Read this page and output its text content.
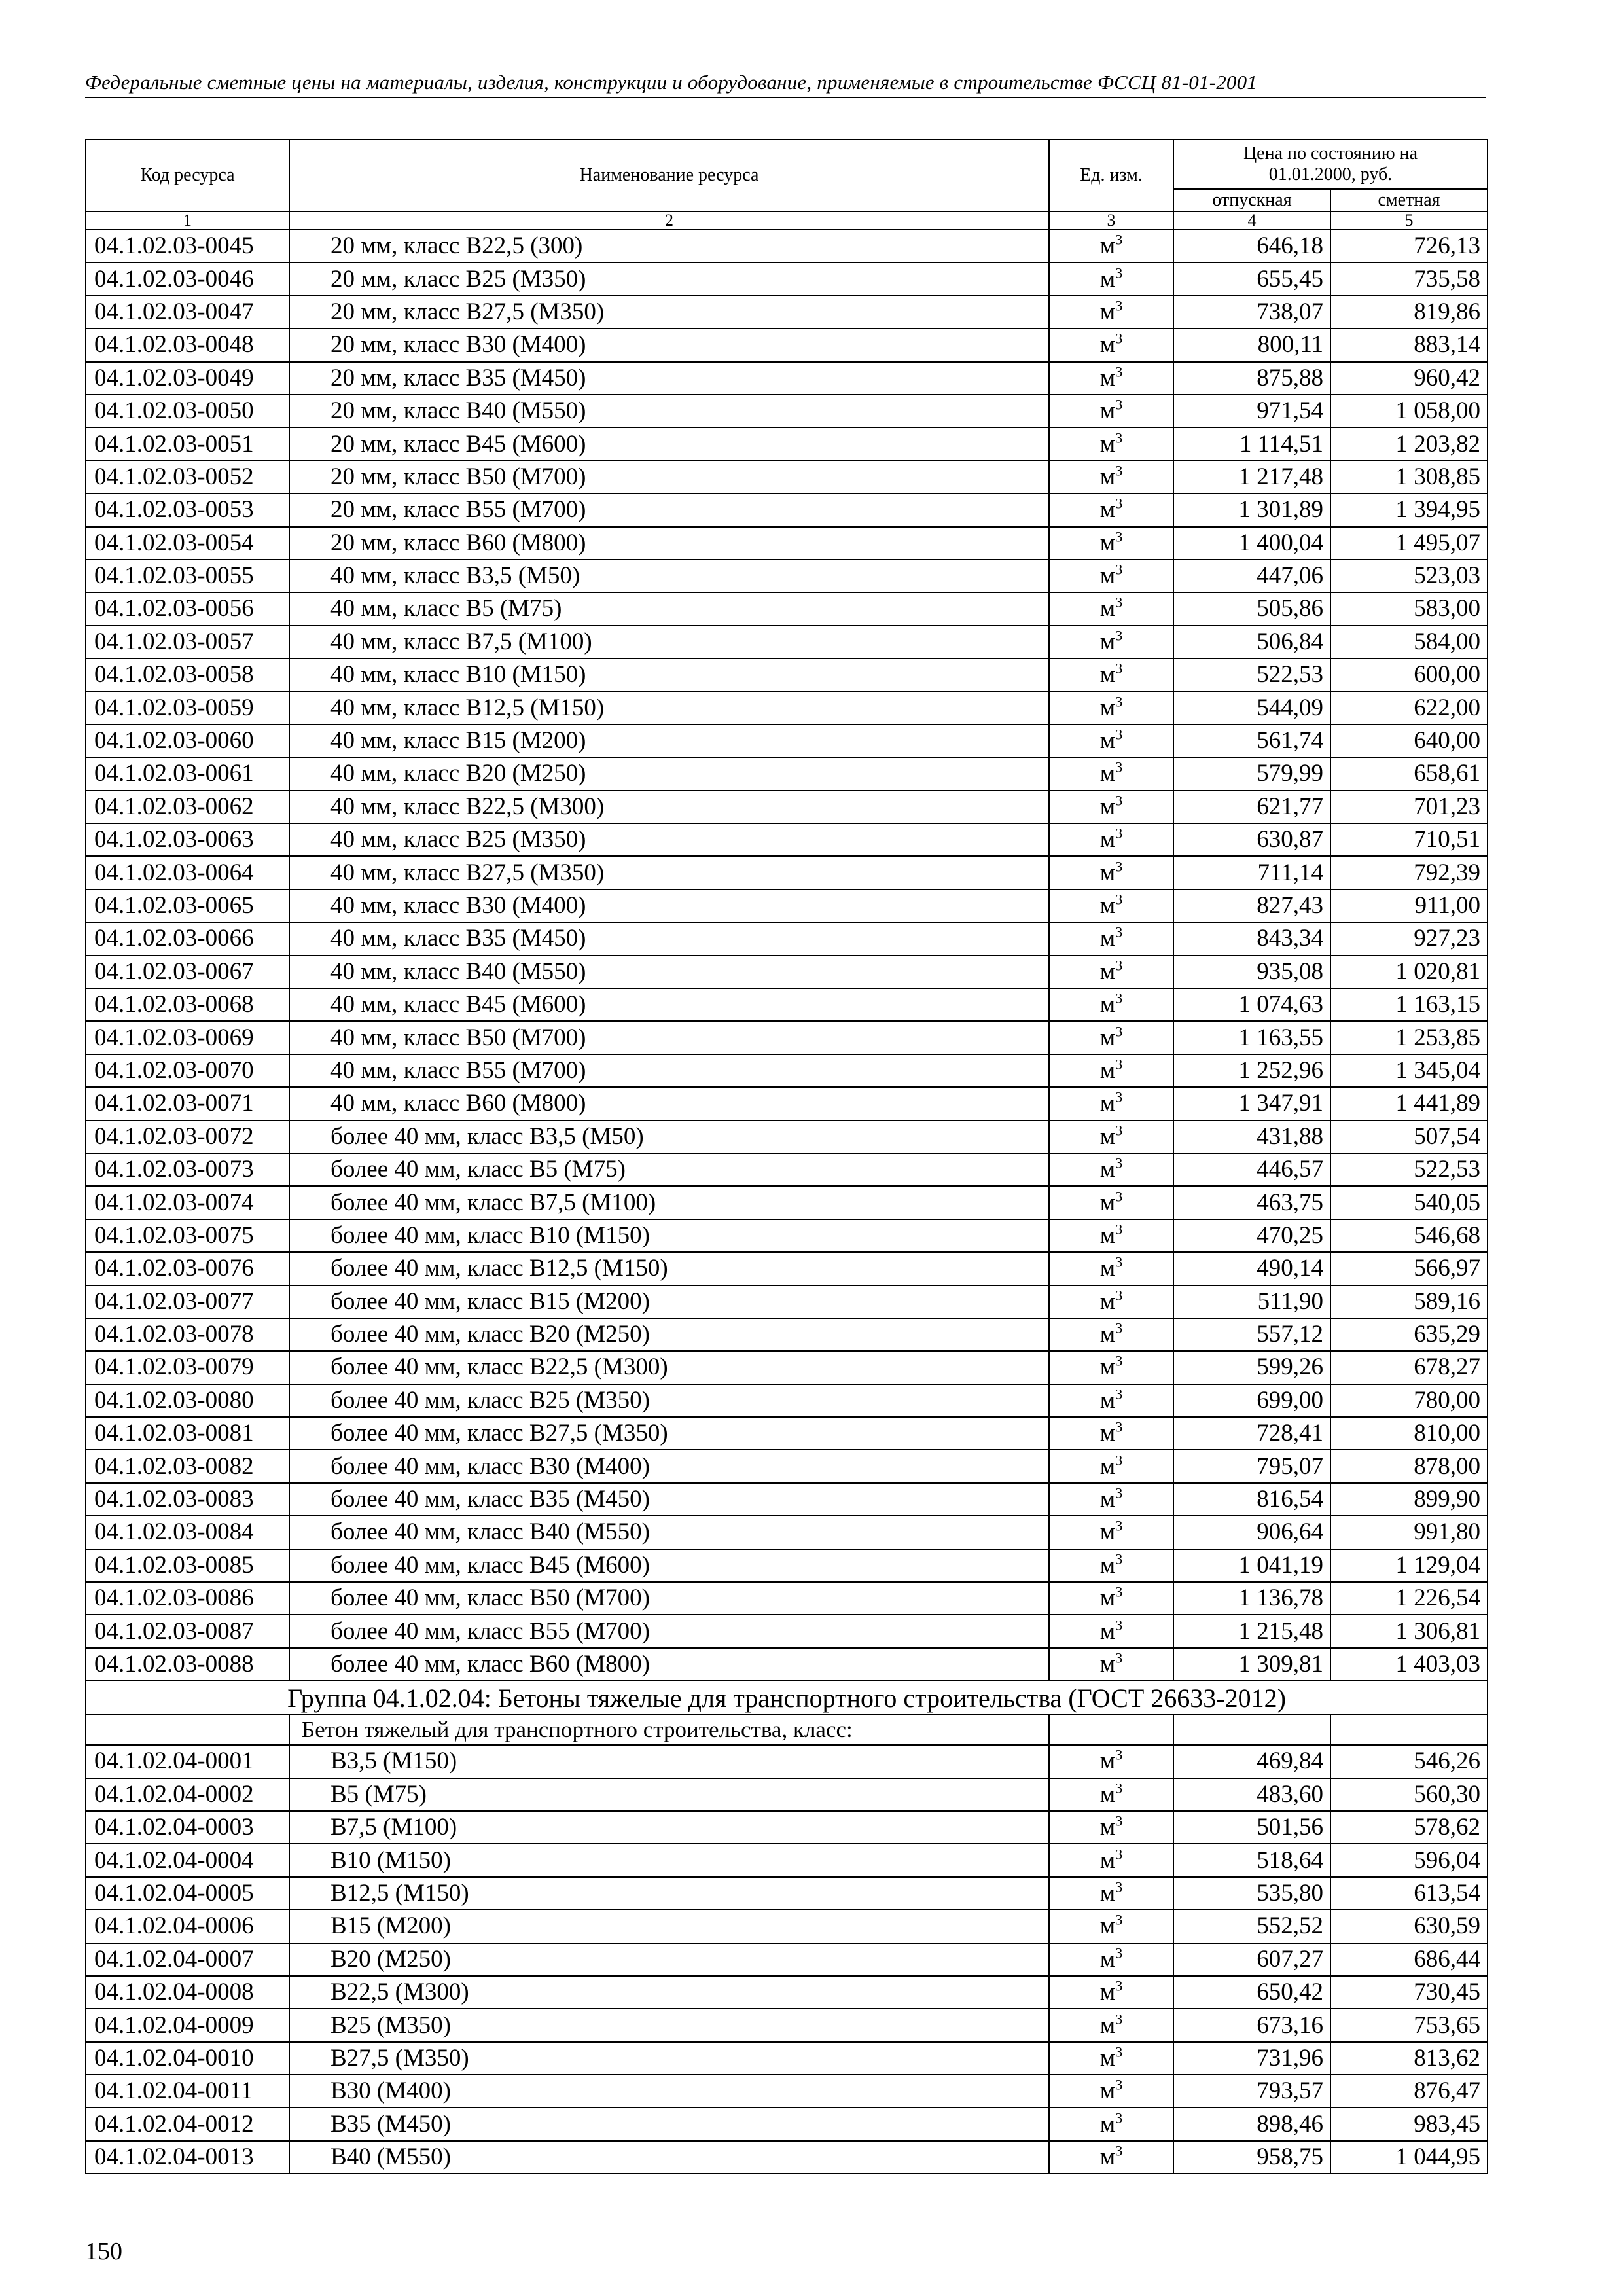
Федеральные сметные цены на материалы, изделия, конструкции и оборудование, применяемые в строительстве ФССЦ 81-01-2001
Код ресурса	Наименование ресурса	Ед. изм.	Цена по состоянию на 01.01.2000, руб.	
			отпускная	сметная
1	2	3	4	5
04.1.02.03-0045	20 мм, класс В22,5 (300)	$м^3$	646,18	726,13
04.1.02.03-0046	20 мм, класс В25 (М350)	$м^3$	655,45	735,58
04.1.02.03-0047	20 мм, класс В27,5 (М350)	$м^3$	738,07	819,86
04.1.02.03-0048	20 мм, класс В30 (М400)	$м^3$	800,11	883,14
04.1.02.03-0049	20 мм, класс В35 (М450)	$м^3$	875,88	960,42
04.1.02.03-0050	20 мм, класс В40 (М550)	$м^3$	971,54	1 058,00
04.1.02.03-0051	20 мм, класс В45 (М600)	$м^3$	1 114,51	1 203,82
04.1.02.03-0052	20 мм, класс В50 (М700)	$м^3$	1 217,48	1 308,85
04.1.02.03-0053	20 мм, класс В55 (М700)	$м^3$	1 301,89	1 394,95
04.1.02.03-0054	20 мм, класс В60 (М800)	$м^3$	1 400,04	1 495,07
04.1.02.03-0055	40 мм, класс В3,5 (М50)	$м^3$	447,06	523,03
04.1.02.03-0056	40 мм, класс В5 (М75)	$м^3$	505,86	583,00
04.1.02.03-0057	40 мм, класс В7,5 (М100)	$м^3$	506,84	584,00
04.1.02.03-0058	40 мм, класс В10 (М150)	$м^3$	522,53	600,00
04.1.02.03-0059	40 мм, класс В12,5 (М150)	$м^3$	544,09	622,00
04.1.02.03-0060	40 мм, класс В15 (М200)	$м^3$	561,74	640,00
04.1.02.03-0061	40 мм, класс В20 (М250)	$м^3$	579,99	658,61
04.1.02.03-0062	40 мм, класс В22,5 (М300)	$м^3$	621,77	701,23
04.1.02.03-0063	40 мм, класс В25 (М350)	$м^3$	630,87	710,51
04.1.02.03-0064	40 мм, класс В27,5 (М350)	$м^3$	711,14	792,39
04.1.02.03-0065	40 мм, класс В30 (М400)	$м^3$	827,43	911,00
04.1.02.03-0066	40 мм, класс В35 (М450)	$м^3$	843,34	927,23
04.1.02.03-0067	40 мм, класс В40 (М550)	$м^3$	935,08	1 020,81
04.1.02.03-0068	40 мм, класс В45 (М600)	$м^3$	1 074,63	1 163,15
04.1.02.03-0069	40 мм, класс В50 (М700)	$м^3$	1 163,55	1 253,85
04.1.02.03-0070	40 мм, класс В55 (М700)	$м^3$	1 252,96	1 345,04
04.1.02.03-0071	40 мм, класс В60 (М800)	$м^3$	1 347,91	1 441,89
04.1.02.03-0072	более 40 мм, класс В3,5 (М50)	$м^3$	431,88	507,54
04.1.02.03-0073	более 40 мм, класс В5 (М75)	$м^3$	446,57	522,53
04.1.02.03-0074	более 40 мм, класс В7,5 (М100)	$м^3$	463,75	540,05
04.1.02.03-0075	более 40 мм, класс В10 (М150)	$м^3$	470,25	546,68
04.1.02.03-0076	более 40 мм, класс В12,5 (М150)	$м^3$	490,14	566,97
04.1.02.03-0077	более 40 мм, класс В15 (М200)	$м^3$	511,90	589,16
04.1.02.03-0078	более 40 мм, класс В20 (М250)	$м^3$	557,12	635,29
04.1.02.03-0079	более 40 мм, класс В22,5 (М300)	$м^3$	599,26	678,27
04.1.02.03-0080	более 40 мм, класс В25 (М350)	$м^3$	699,00	780,00
04.1.02.03-0081	более 40 мм, класс В27,5 (М350)	$м^3$	728,41	810,00
04.1.02.03-0082	более 40 мм, класс В30 (М400)	$м^3$	795,07	878,00
04.1.02.03-0083	более 40 мм, класс В35 (М450)	$м^3$	816,54	899,90
04.1.02.03-0084	более 40 мм, класс В40 (М550)	$м^3$	906,64	991,80
04.1.02.03-0085	более 40 мм, класс В45 (М600)	$м^3$	1 041,19	1 129,04
04.1.02.03-0086	более 40 мм, класс В50 (М700)	$м^3$	1 136,78	1 226,54
04.1.02.03-0087	более 40 мм, класс В55 (М700)	$м^3$	1 215,48	1 306,81
04.1.02.03-0088	более 40 мм, класс В60 (М800)	$м^3$	1 309,81	1 403,03
Группа 04.1.02.04: Бетоны тяжелые для транспортного строительства (ГОСТ 26633-2012)				
	Бетон тяжелый для транспортного строительства, класс:			
04.1.02.04-0001	В3,5 (М150)	$м^3$	469,84	546,26
04.1.02.04-0002	В5 (М75)	$м^3$	483,60	560,30
04.1.02.04-0003	В7,5 (М100)	$м^3$	501,56	578,62
04.1.02.04-0004	В10 (М150)	$м^3$	518,64	596,04
04.1.02.04-0005	В12,5 (М150)	$м^3$	535,80	613,54
04.1.02.04-0006	В15 (М200)	$м^3$	552,52	630,59
04.1.02.04-0007	В20 (М250)	$м^3$	607,27	686,44
04.1.02.04-0008	В22,5 (М300)	$м^3$	650,42	730,45
04.1.02.04-0009	В25 (М350)	$м^3$	673,16	753,65
04.1.02.04-0010	В27,5 (М350)	$м^3$	731,96	813,62
04.1.02.04-0011	В30 (М400)	$м^3$	793,57	876,47
04.1.02.04-0012	В35 (М450)	$м^3$	898,46	983,45
04.1.02.04-0013	В40 (М550)	$м^3$	958,75	1 044,95
150
